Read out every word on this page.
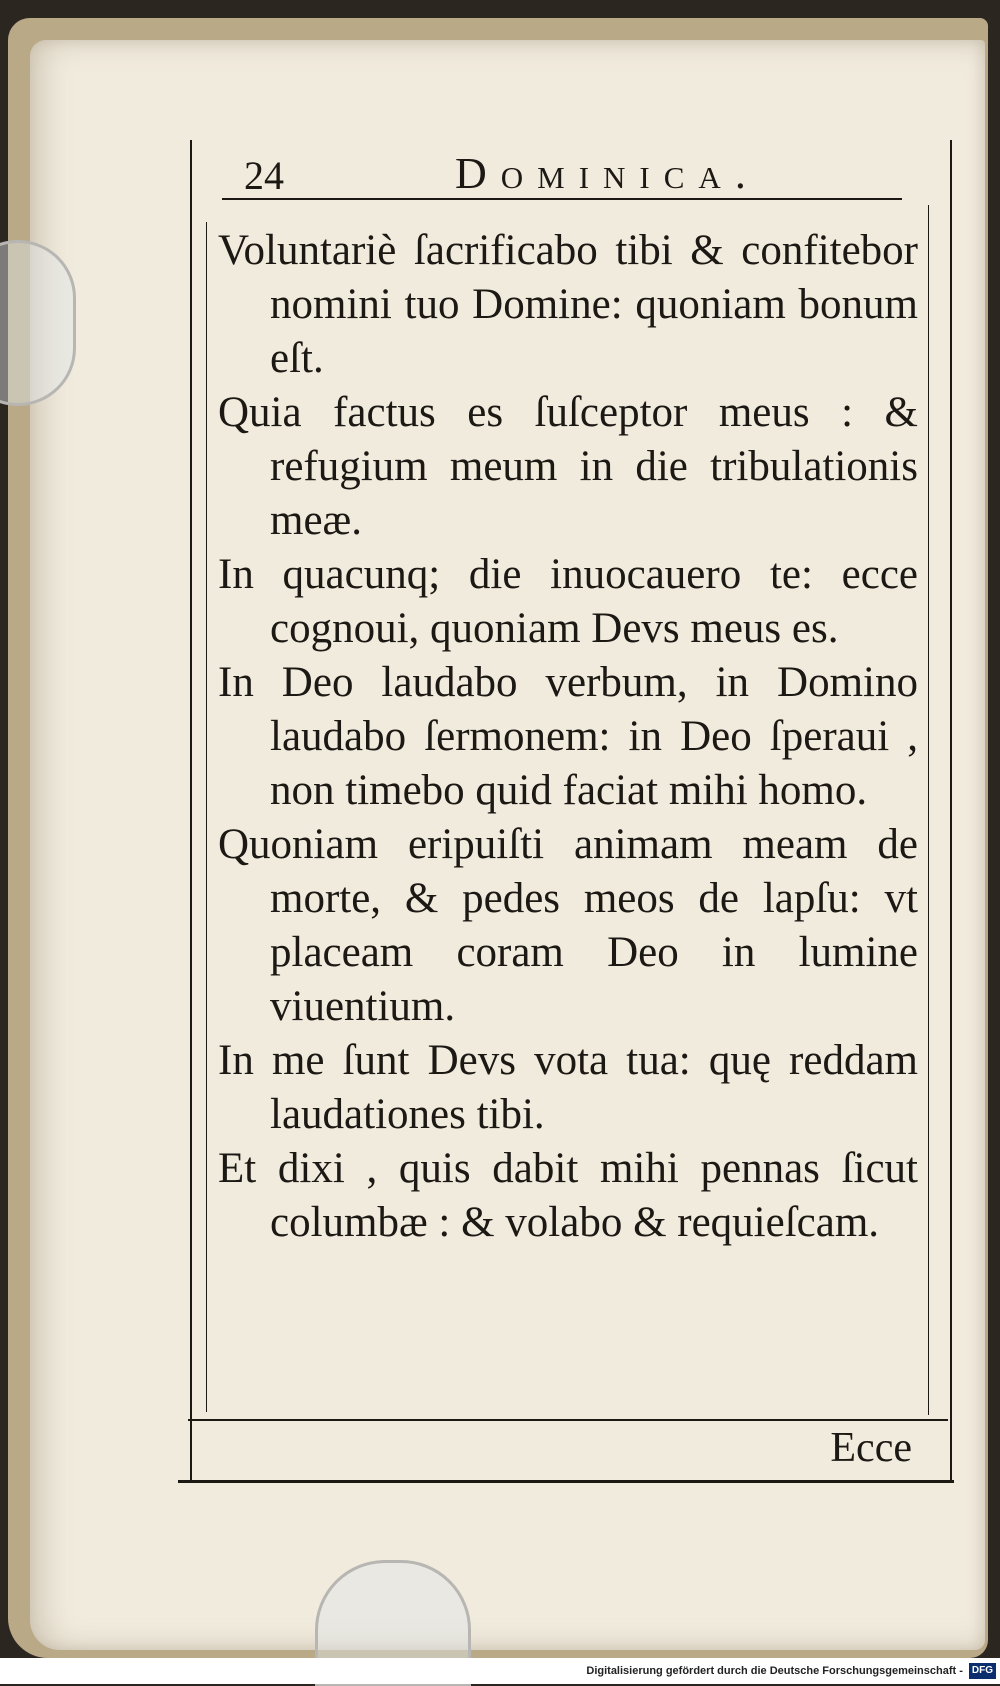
24	Dominica.

Voluntariè ſacrificabo tibi & confitebor nomini tuo Domine: quoniam bonum eſt.

Quia factus es ſuſceptor meus : & refugium meum in die tribulationis meæ.

In quacunq; die inuocauero te: ecce cognoui, quoniam Devs meus es.

In Deo laudabo verbum, in Domino laudabo ſermonem: in Deo ſperaui , non timebo quid faciat mihi homo.

Quoniam eripuiſti animam meam de morte, & pedes meos de lapſu: vt placeam coram Deo in lumine viuentium.

In me ſunt Devs vota tua: quę reddam laudationes tibi.

Et dixi , quis dabit mihi pennas ſicut columbæ : & volabo & requieſcam.

Ecce
Digitalisierung gefördert durch die Deutsche Forschungsgemeinschaft - DFG
